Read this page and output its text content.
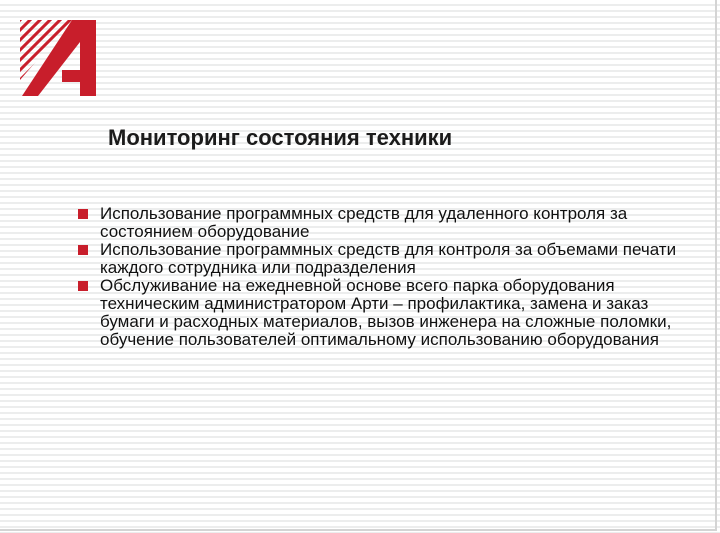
Мониторинг состояния техники
Использование программных средств для удаленного контроля за состоянием оборудование
Использование программных средств для контроля за объемами печати каждого сотрудника или подразделения
Обслуживание на ежедневной основе всего парка оборудования техническим администратором Арти – профилактика, замена и заказ бумаги и расходных материалов, вызов инженера на сложные поломки, обучение пользователей оптимальному использованию оборудования
